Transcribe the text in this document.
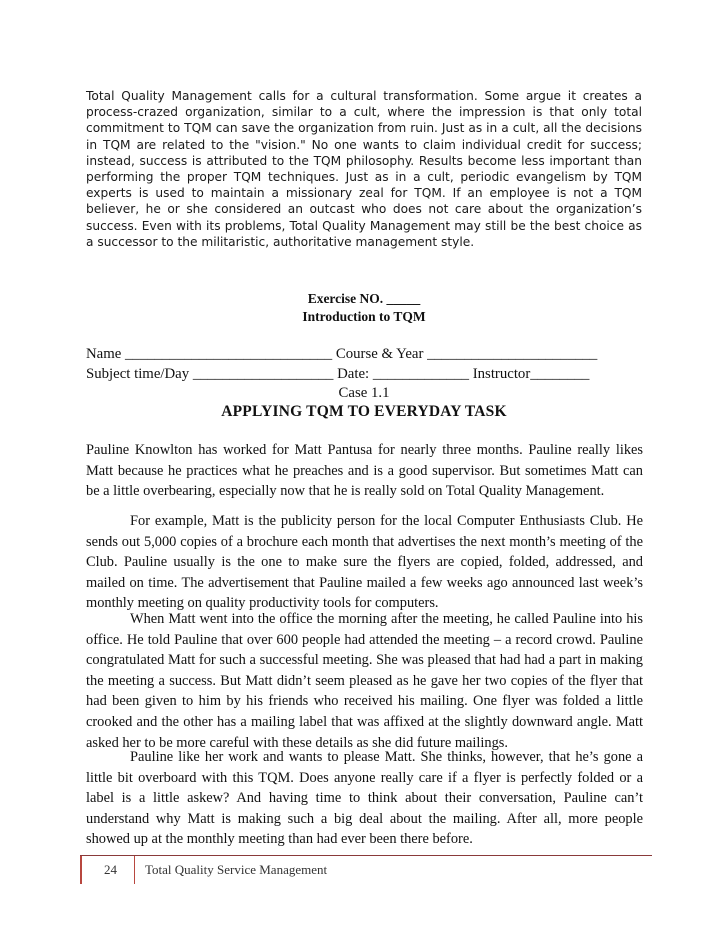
Total Quality Management calls for a cultural transformation. Some argue it creates a process-crazed organization, similar to a cult, where the impression is that only total commitment to TQM can save the organization from ruin. Just as in a cult, all the decisions in TQM are related to the "vision." No one wants to claim individual credit for success; instead, success is attributed to the TQM philosophy. Results become less important than performing the proper TQM techniques. Just as in a cult, periodic evangelism by TQM experts is used to maintain a missionary zeal for TQM. If an employee is not a TQM believer, he or she considered an outcast who does not care about the organization’s success. Even with its problems, Total Quality Management may still be the best choice as a successor to the militaristic, authoritative management style.

Exercise NO. _____

Introduction to TQM

Name ____________________________ Course & Year _______________________

Subject time/Day ___________________ Date: _____________ Instructor________

Case 1.1

APPLYING TQM TO EVERYDAY TASK

Pauline Knowlton has worked for Matt Pantusa for nearly three months. Pauline really likes Matt because he practices what he preaches and is a good supervisor. But sometimes Matt can be a little overbearing, especially now that he is really sold on Total Quality Management.

For example, Matt is the publicity person for the local Computer Enthusiasts Club. He sends out 5,000 copies of a brochure each month that advertises the next month’s meeting of the Club. Pauline usually is the one to make sure the flyers are copied, folded, addressed, and mailed on time. The advertisement that Pauline mailed a few weeks ago announced last week’s monthly meeting on quality productivity tools for computers.

When Matt went into the office the morning after the meeting, he called Pauline into his office. He told Pauline that over 600 people had attended the meeting – a record crowd. Pauline congratulated Matt for such a successful meeting. She was pleased that had had a part in making the meeting a success. But Matt didn’t seem pleased as he gave her two copies of the flyer that had been given to him by his friends who received his mailing. One flyer was folded a little crooked and the other has a mailing label that was affixed at the slightly downward angle. Matt asked her to be more careful with these details as she did future mailings.

Pauline like her work and wants to please Matt. She thinks, however, that he’s gone a little bit overboard with this TQM. Does anyone really care if a flyer is perfectly folded or a label is a little askew? And having time to think about their conversation, Pauline can’t understand why Matt is making such a big deal about the mailing. After all, more people showed up at the monthly meeting than had ever been there before.

24 Total Quality Service Management
